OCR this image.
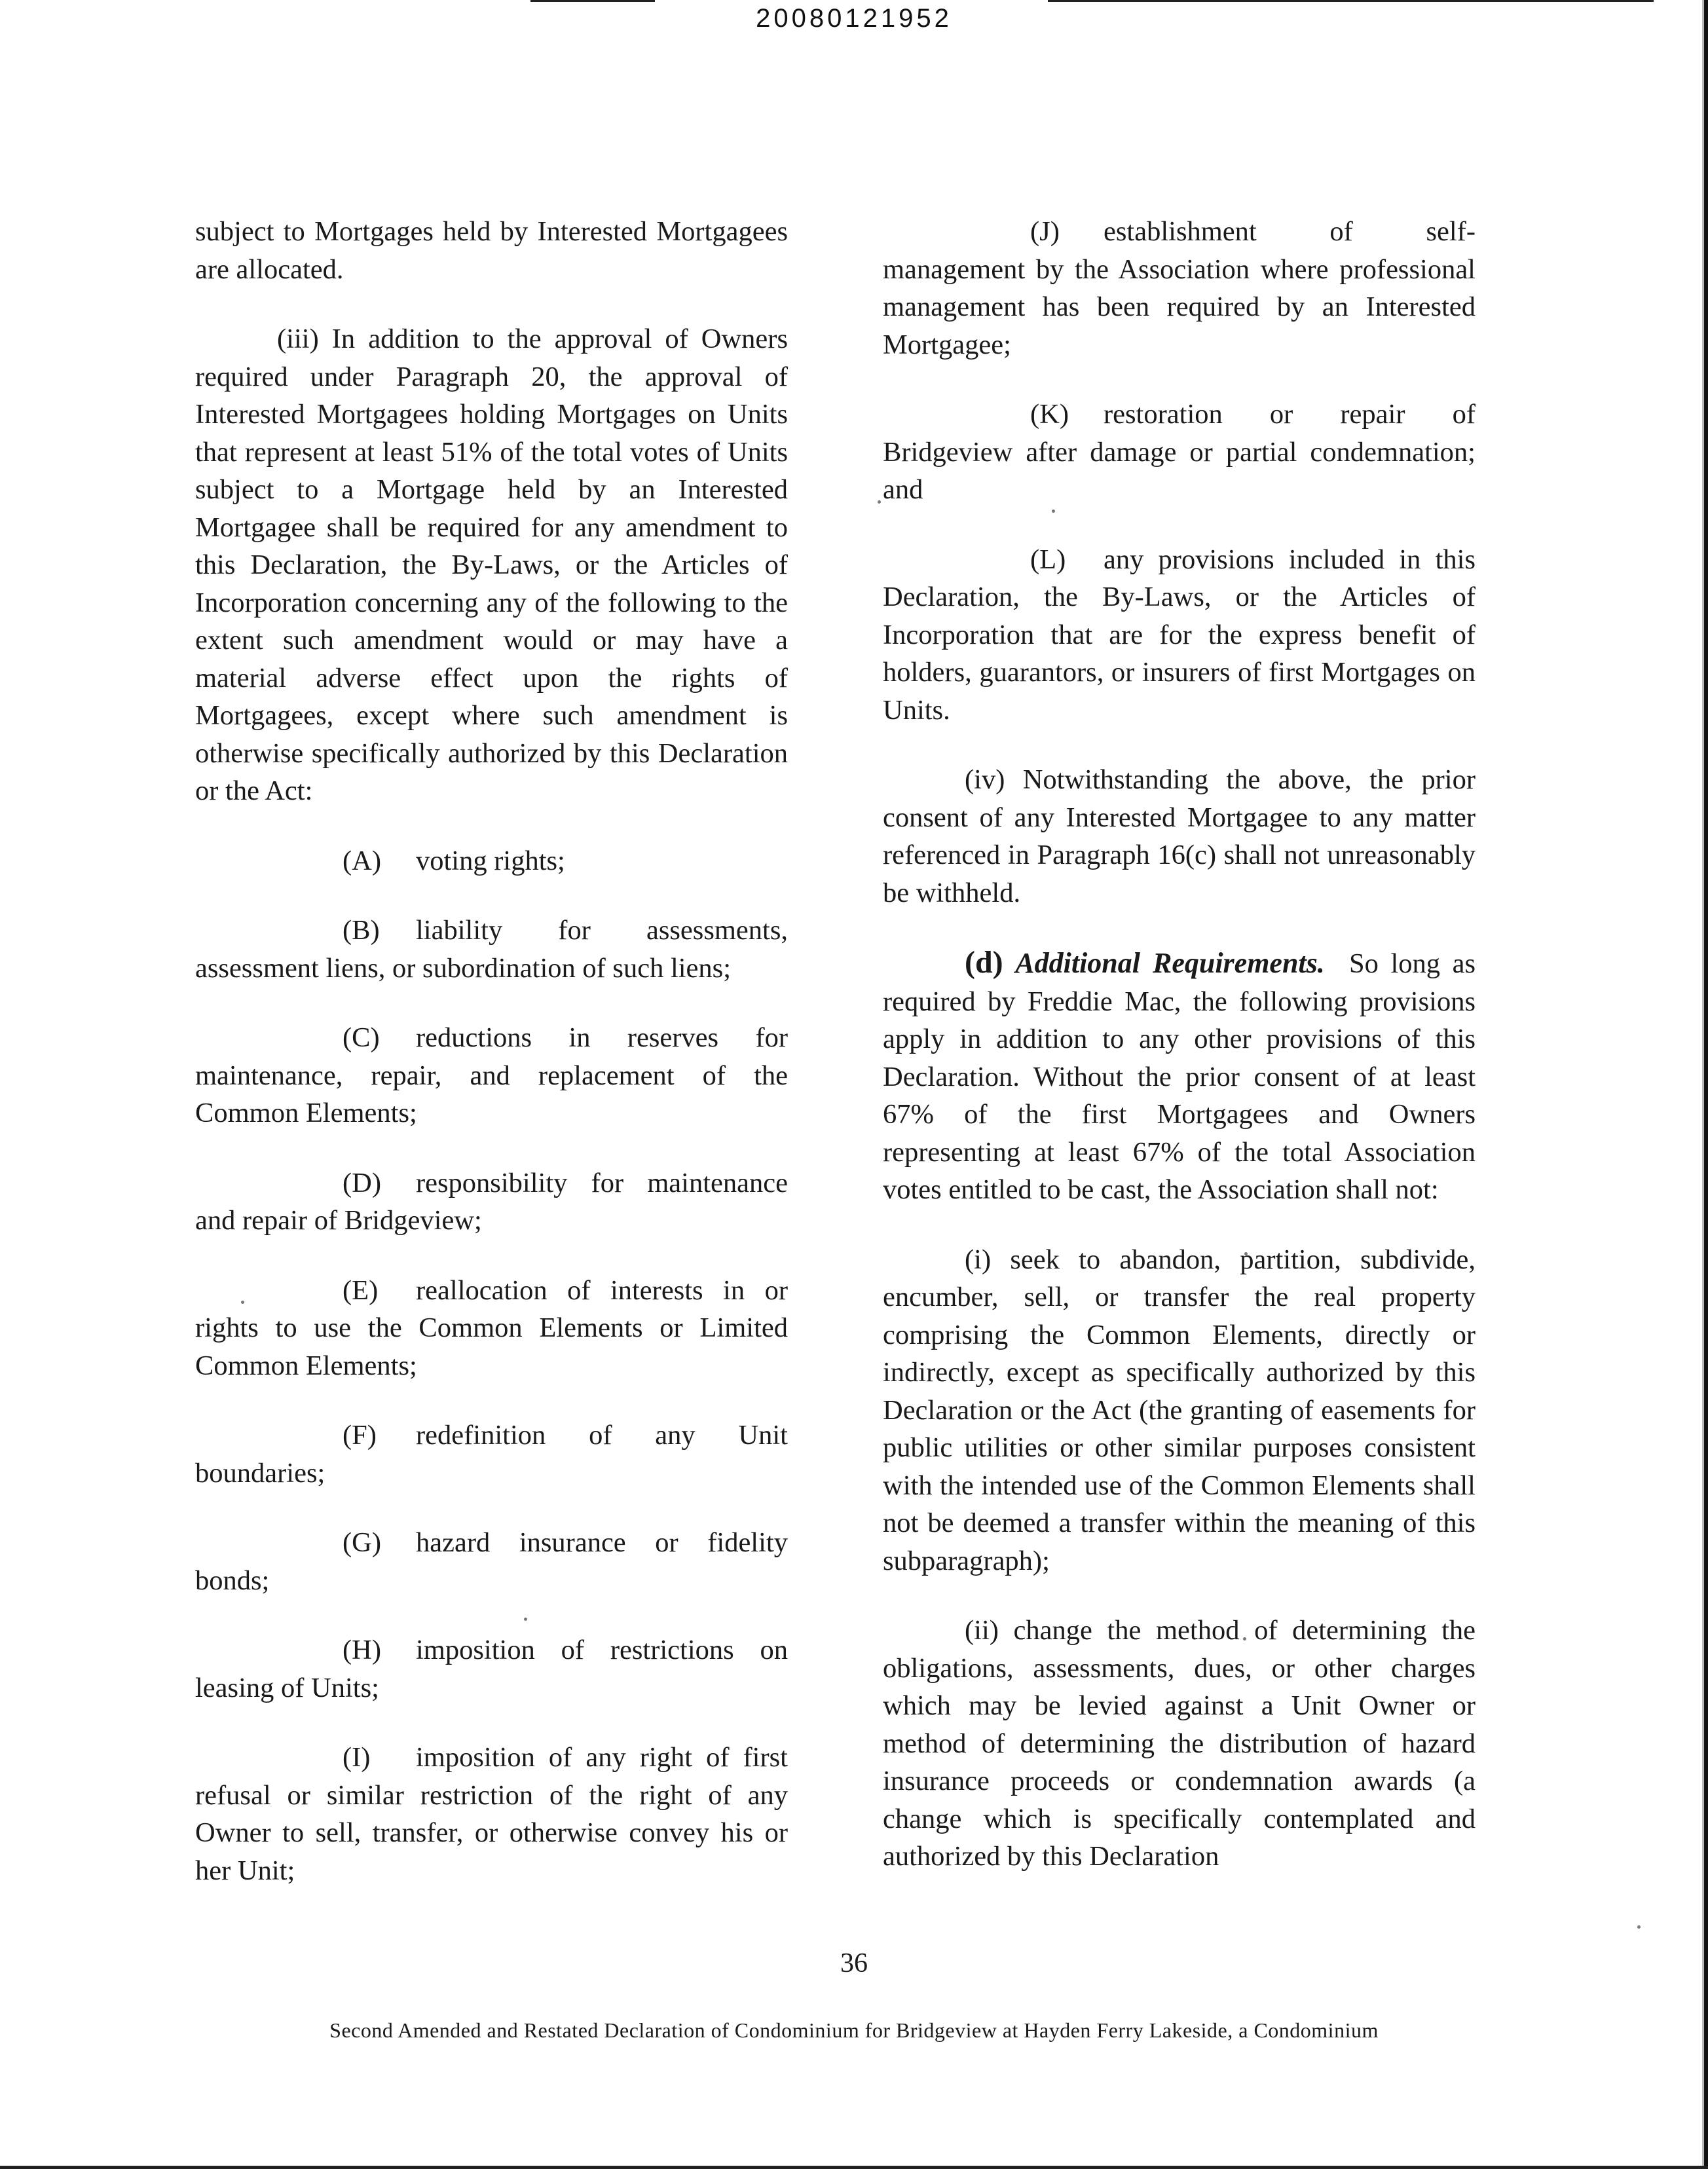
20080121952

subject to Mortgages held by Interested Mortgagees are allocated.

(iii) In addition to the approval of Owners required under Paragraph 20, the approval of Interested Mortgagees holding Mortgages on Units that represent at least 51% of the total votes of Units subject to a Mortgage held by an Interested Mortgagee shall be required for any amendment to this Declaration, the By-Laws, or the Articles of Incorporation concerning any of the following to the extent such amendment would or may have a material adverse effect upon the rights of Mortgagees, except where such amendment is otherwise specifically authorized by this Declaration or the Act:

(A) voting rights;

(B) liability for assessments, assessment liens, or subordination of such liens;

(C) reductions in reserves for maintenance, repair, and replacement of the Common Elements;

(D) responsibility for maintenance and repair of Bridgeview;

(E) reallocation of interests in or rights to use the Common Elements or Limited Common Elements;

(F) redefinition of any Unit boundaries;

(G) hazard insurance or fidelity bonds;

(H) imposition of restrictions on leasing of Units;

(I) imposition of any right of first refusal or similar restriction of the right of any Owner to sell, transfer, or otherwise convey his or her Unit;

(J) establishment of self-management by the Association where professional management has been required by an Interested Mortgagee;

(K) restoration or repair of Bridgeview after damage or partial condemnation; and

(L) any provisions included in this Declaration, the By-Laws, or the Articles of Incorporation that are for the express benefit of holders, guarantors, or insurers of first Mortgages on Units.

(iv) Notwithstanding the above, the prior consent of any Interested Mortgagee to any matter referenced in Paragraph 16(c) shall not unreasonably be withheld.

(d) Additional Requirements. So long as required by Freddie Mac, the following provisions apply in addition to any other provisions of this Declaration. Without the prior consent of at least 67% of the first Mortgagees and Owners representing at least 67% of the total Association votes entitled to be cast, the Association shall not:

(i) seek to abandon, partition, subdivide, encumber, sell, or transfer the real property comprising the Common Elements, directly or indirectly, except as specifically authorized by this Declaration or the Act (the granting of easements for public utilities or other similar purposes consistent with the intended use of the Common Elements shall not be deemed a transfer within the meaning of this subparagraph);

(ii) change the method of determining the obligations, assessments, dues, or other charges which may be levied against a Unit Owner or method of determining the distribution of hazard insurance proceeds or condemnation awards (a change which is specifically contemplated and authorized by this Declaration

36
Second Amended and Restated Declaration of Condominium for Bridgeview at Hayden Ferry Lakeside, a Condominium
